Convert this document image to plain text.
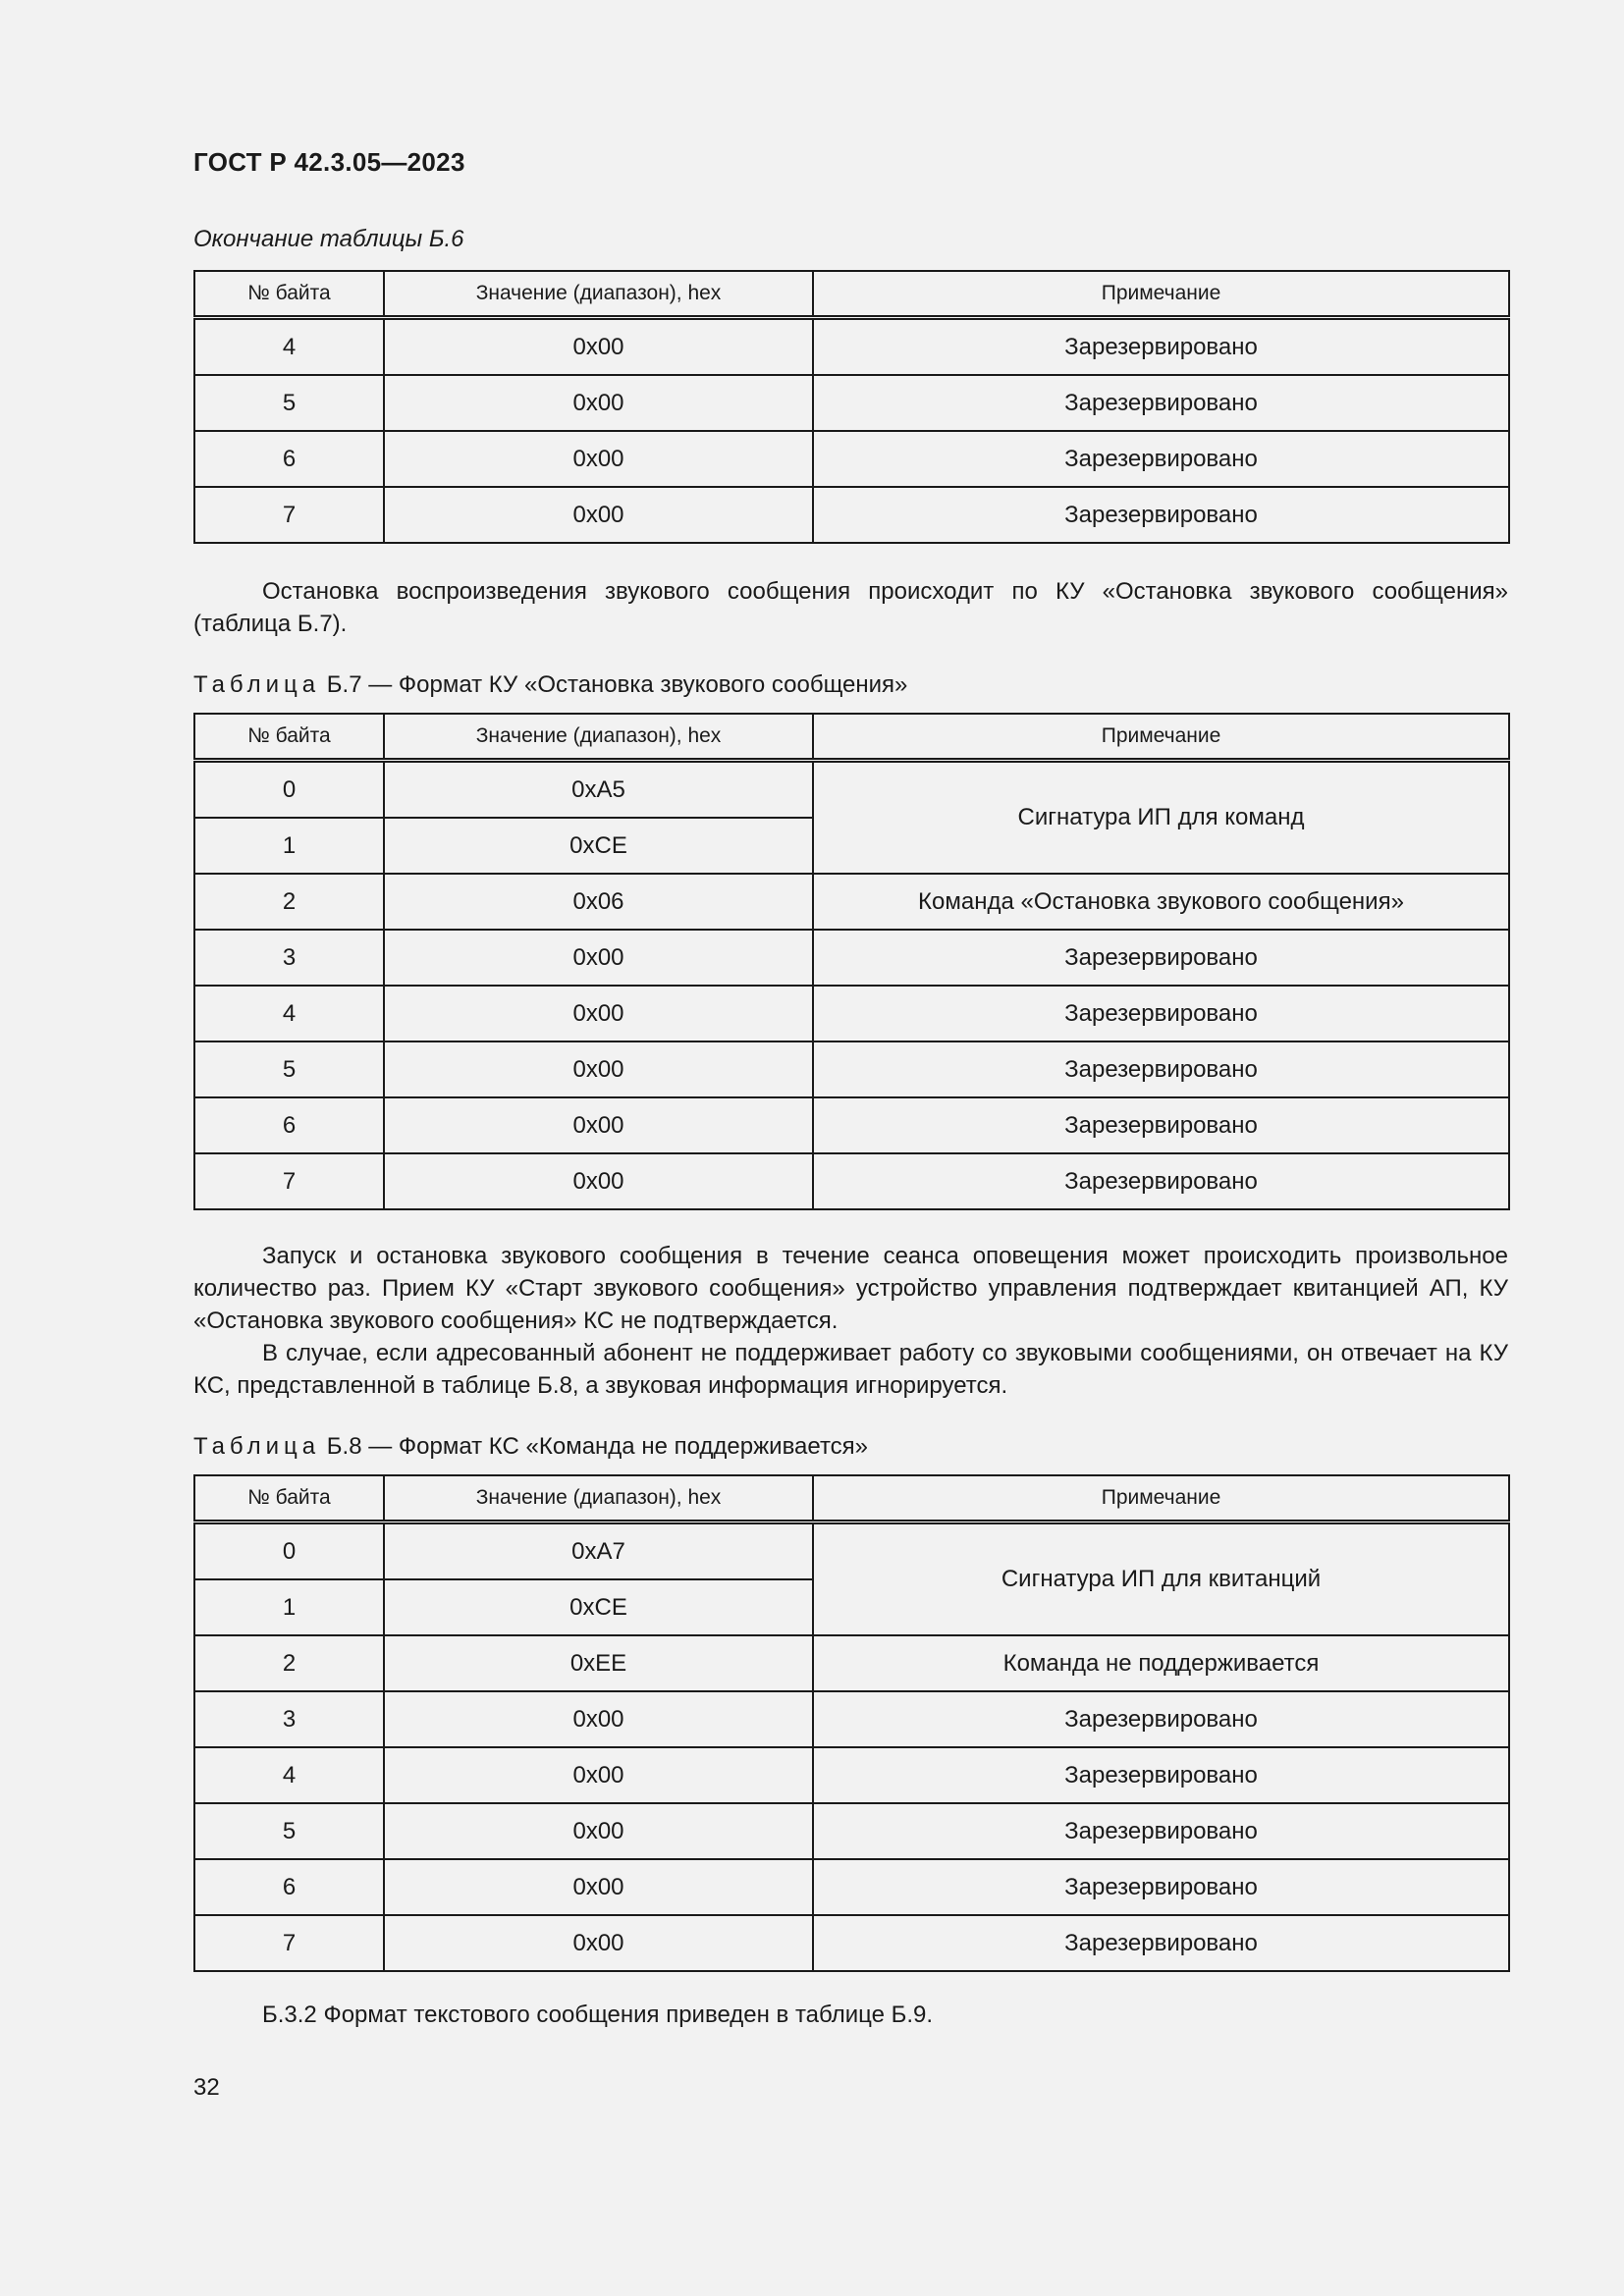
ГОСТ Р 42.3.05—2023
Окончание таблицы Б.6
№ байта	Значение (диапазон), hex	Примечание
4	0x00	Зарезервировано
5	0x00	Зарезервировано
6	0x00	Зарезервировано
7	0x00	Зарезервировано

Остановка воспроизведения звукового сообщения происходит по КУ «Остановка звукового сообщения» (таблица Б.7).

Таблица Б.7 — Формат КУ «Остановка звукового сообщения»
№ байта	Значение (диапазон), hex	Примечание
0	0xA5	Сигнатура ИП для команд
1	0xCE	
2	0x06	Команда «Остановка звукового сообщения»
3	0x00	Зарезервировано
4	0x00	Зарезервировано
5	0x00	Зарезервировано
6	0x00	Зарезервировано
7	0x00	Зарезервировано

Запуск и остановка звукового сообщения в течение сеанса оповещения может происходить произвольное количество раз. Прием КУ «Старт звукового сообщения» устройство управления подтверждает квитанцией АП, КУ «Остановка звукового сообщения» КС не подтверждается.

В случае, если адресованный абонент не поддерживает работу со звуковыми сообщениями, он отвечает на КУ КС, представленной в таблице Б.8, а звуковая информация игнорируется.

Таблица Б.8 — Формат КС «Команда не поддерживается»
№ байта	Значение (диапазон), hex	Примечание
0	0xA7	Сигнатура ИП для квитанций
1	0xCE	
2	0xEE	Команда не поддерживается
3	0x00	Зарезервировано
4	0x00	Зарезервировано
5	0x00	Зарезервировано
6	0x00	Зарезервировано
7	0x00	Зарезервировано

Б.3.2 Формат текстового сообщения приведен в таблице Б.9.

32
